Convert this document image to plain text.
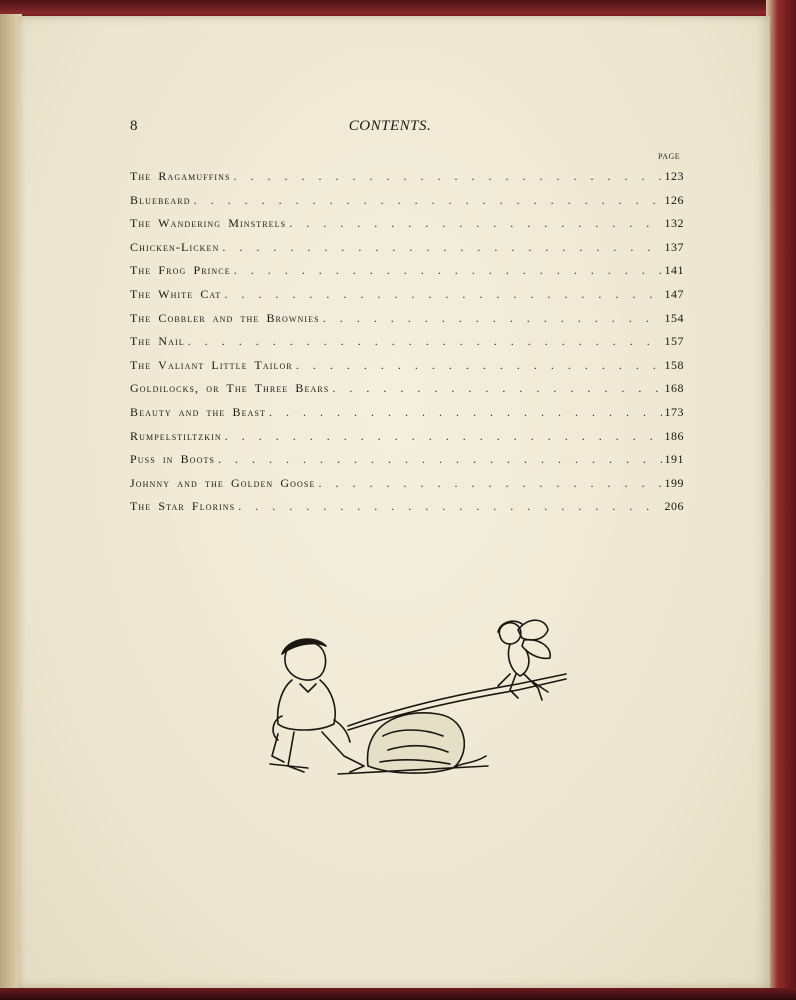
8	CONTENTS.
PAGE
The Ragamuffins . . .	123
Bluebeard . . .	126
The Wandering Minstrels . . .	132
Chicken-Licken . . .	137
The Frog Prince . . .	141
The White Cat . . .	147
The Cobbler and the Brownies . . .	154
The Nail . . .	157
The Valiant Little Tailor . . .	158
Goldilocks, or The Three Bears . . .	168
Beauty and the Beast . . .	173
Rumpelstiltzkin . . .	186
Puss in Boots . . .	191
Johnny and the Golden Goose . . .	199
The Star Florins . . .	206
